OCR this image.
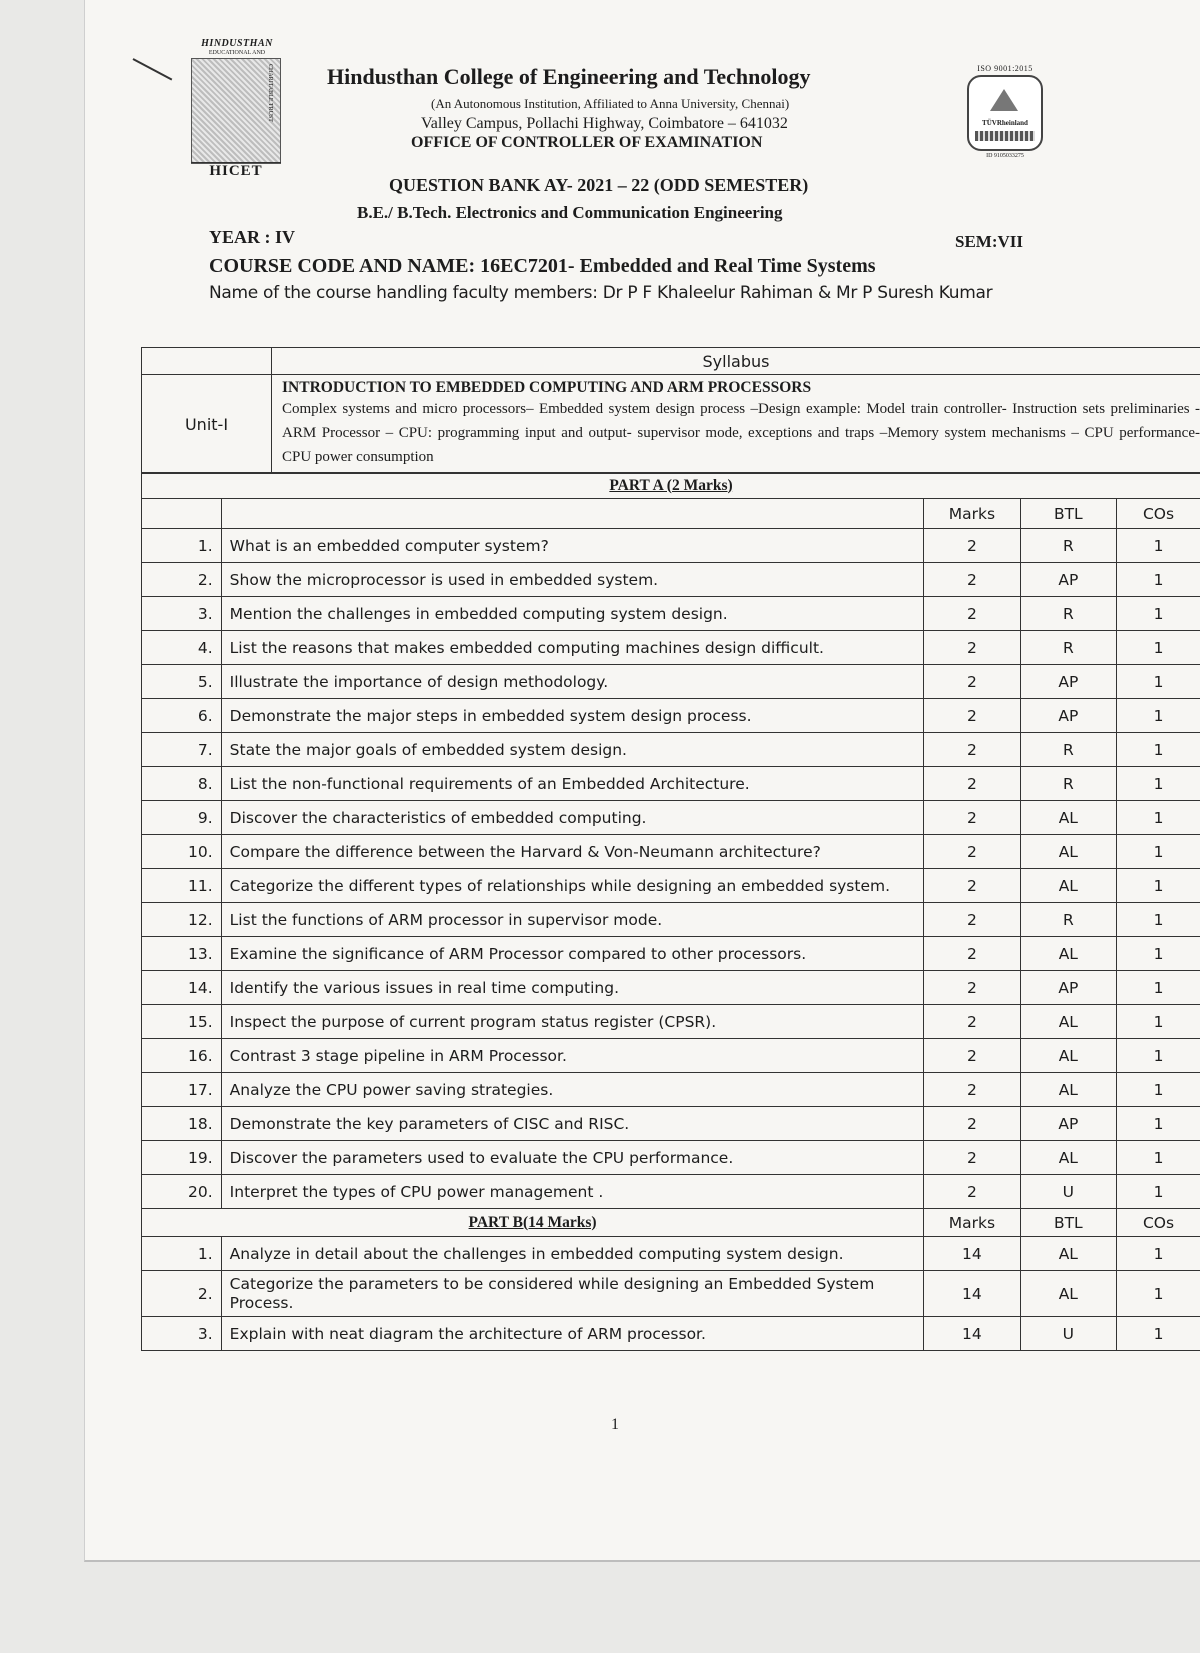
HINDUSTHAN
EDUCATIONAL AND
CHARITABLE TRUST
HICET
Hindusthan College of Engineering and Technology
(An Autonomous Institution, Affiliated to Anna University, Chennai)
Valley Campus, Pollachi Highway, Coimbatore – 641032
OFFICE OF CONTROLLER OF EXAMINATION
ISO 9001:2015
TÜVRheinland
ID 9105033275
QUESTION BANK AY- 2021 – 22 (ODD SEMESTER)
B.E./ B.Tech. Electronics and Communication Engineering
YEAR : IV	SEM:VII
COURSE CODE AND NAME: 16EC7201- Embedded and Real Time Systems
Name of the course handling faculty members: Dr P F Khaleelur Rahiman & Mr P Suresh Kumar
	Syllabus
Unit-I	INTRODUCTION TO EMBEDDED COMPUTING AND ARM PROCESSORS
Complex systems and micro processors– Embedded system design process –Design example: Model train controller- Instruction sets preliminaries - ARM Processor – CPU: programming input and output- supervisor mode, exceptions and traps –Memory system mechanisms – CPU performance- CPU power consumption
PART A (2 Marks)				
		Marks	BTL	COs
1.	What is an embedded computer system?	2	R	1
2.	Show the microprocessor is used in embedded system.	2	AP	1
3.	Mention the challenges in embedded computing system design.	2	R	1
4.	List the reasons that makes embedded computing machines design difficult.	2	R	1
5.	Illustrate the importance of design methodology.	2	AP	1
6.	Demonstrate the major steps in embedded system design process.	2	AP	1
7.	State the major goals of embedded system design.	2	R	1
8.	List the non-functional requirements of an Embedded Architecture.	2	R	1
9.	Discover the characteristics of embedded computing.	2	AL	1
10.	Compare the difference between the Harvard & Von-Neumann architecture?	2	AL	1
11.	Categorize the different types of relationships while designing an embedded system.	2	AL	1
12.	List the functions of ARM processor in supervisor mode.	2	R	1
13.	Examine the significance of ARM Processor compared to other processors.	2	AL	1
14.	Identify the various issues in real time computing.	2	AP	1
15.	Inspect the purpose of current program status register (CPSR).	2	AL	1
16.	Contrast 3 stage pipeline in ARM Processor.	2	AL	1
17.	Analyze the CPU power saving strategies.	2	AL	1
18.	Demonstrate the key parameters of CISC and RISC.	2	AP	1
19.	Discover the parameters used to evaluate the CPU performance.	2	AL	1
20.	Interpret the types of CPU power management .	2	U	1
PART B(14 Marks)		Marks	BTL	COs
1.	Analyze in detail about the challenges in embedded computing system design.	14	AL	1
2.	Categorize the parameters to be considered while designing an Embedded System Process.	14	AL	1
3.	Explain with neat diagram the architecture of ARM processor.	14	U	1
1
